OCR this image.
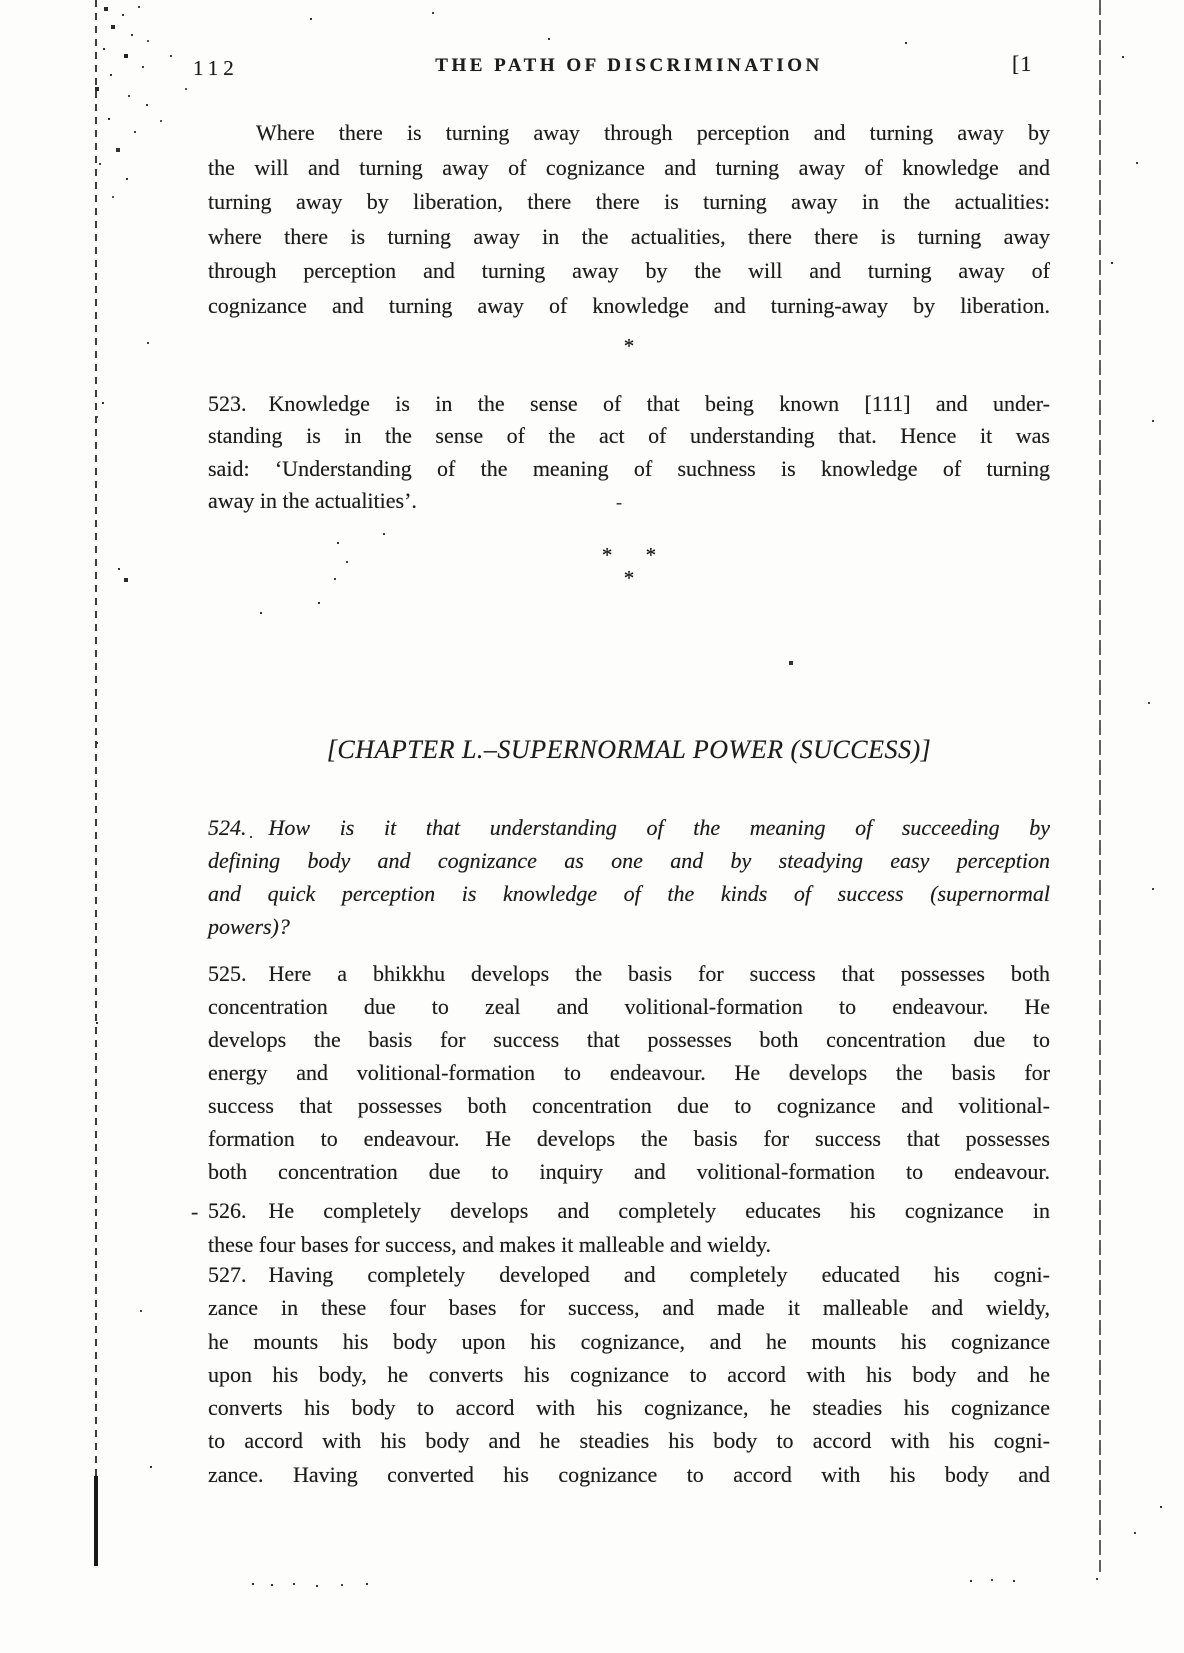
112	THE PATH OF DISCRIMINATION	[1
Where there is turning away through perception and turning away by
the will and turning away of cognizance and turning away of knowledge and
turning away by liberation, there there is turning away in the actualities:
where there is turning away in the actualities, there there is turning away
through perception and turning away by the will and turning away of
cognizance and turning away of knowledge and turning-away by liberation.
*
523. Knowledge is in the sense of that being known [111] and under-
standing is in the sense of the act of understanding that. Hence it was
said: ‘Understanding of the meaning of suchness is knowledge of turning
away in the actualities’.	-
* *
*
[CHAPTER L.–SUPERNORMAL POWER (SUCCESS)]
524. How is it that understanding of the meaning of succeeding by
defining body and cognizance as one and by steadying easy perception
and quick perception is knowledge of the kinds of success (supernormal
powers)?
525. Here a bhikkhu develops the basis for success that possesses both
concentration due to zeal and volitional-formation to endeavour. He
develops the basis for success that possesses both concentration due to
energy and volitional-formation to endeavour. He develops the basis for
success that possesses both concentration due to cognizance and volitional-
formation to endeavour. He develops the basis for success that possesses
both concentration due to inquiry and volitional-formation to endeavour.
- 526. He completely develops and completely educates his cognizance in
these four bases for success, and makes it malleable and wieldy.
527. Having completely developed and completely educated his cogni-
zance in these four bases for success, and made it malleable and wieldy,
he mounts his body upon his cognizance, and he mounts his cognizance
upon his body, he converts his cognizance to accord with his body and he
converts his body to accord with his cognizance, he steadies his cognizance
to accord with his body and he steadies his body to accord with his cogni-
zance. Having converted his cognizance to accord with his body and
